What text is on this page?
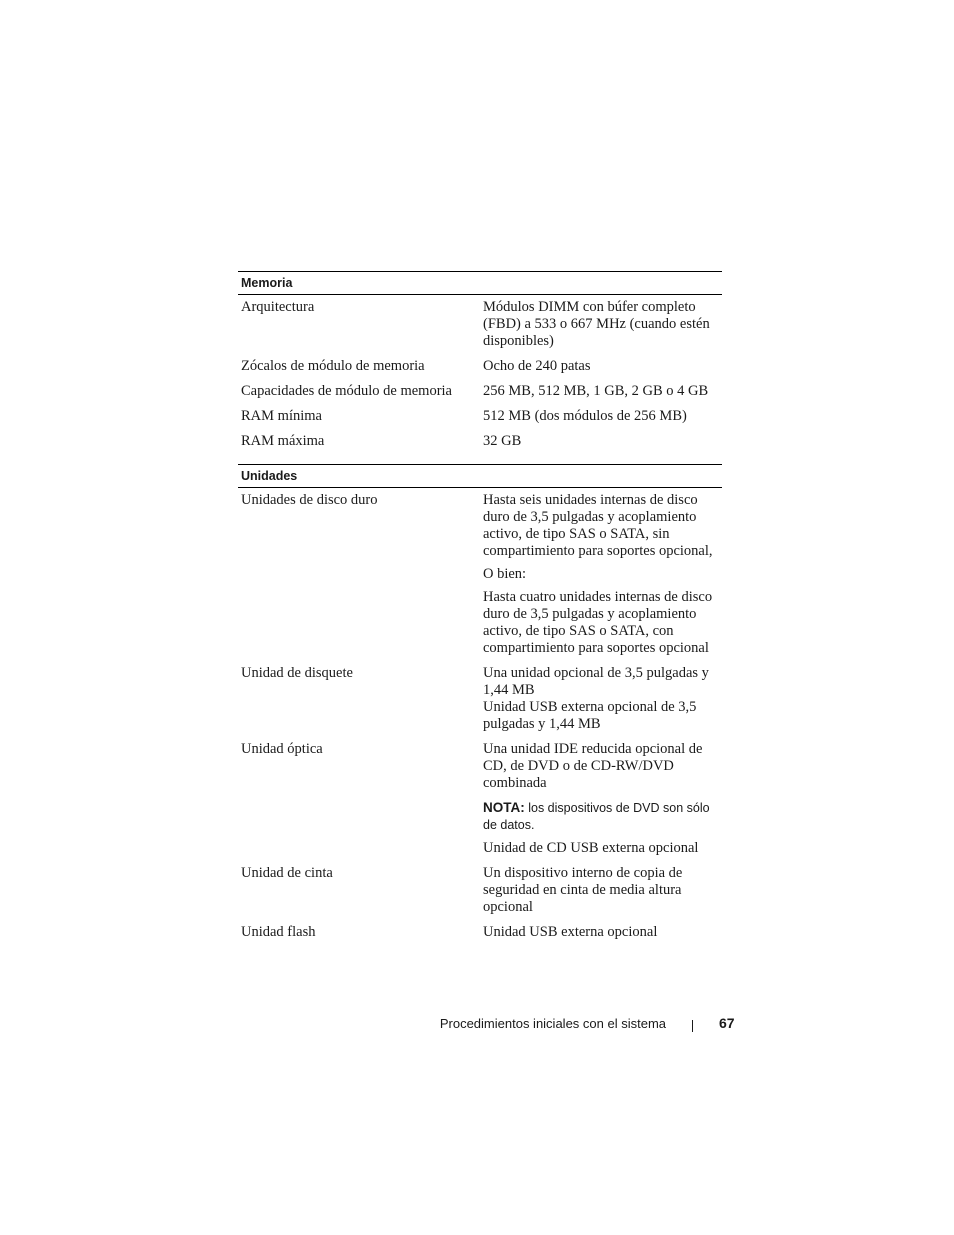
Memoria
Arquitectura	Módulos DIMM con búfer completo (FBD) a 533 o 667 MHz (cuando estén disponibles)
Zócalos de módulo de memoria	Ocho de 240 patas
Capacidades de módulo de memoria	256 MB, 512 MB, 1 GB, 2 GB o 4 GB
RAM mínima	512 MB (dos módulos de 256 MB)
RAM máxima	32 GB
Unidades
Unidades de disco duro	Hasta seis unidades internas de disco duro de 3,5 pulgadas y acoplamiento activo, de tipo SAS o SATA, sin compartimiento para soportes opcional,

O bien:

Hasta cuatro unidades internas de disco duro de 3,5 pulgadas y acoplamiento activo, de tipo SAS o SATA, con compartimiento para soportes opcional

Unidad de disquete	Una unidad opcional de 3,5 pulgadas y 1,44 MB

Unidad USB externa opcional de 3,5 pulgadas y 1,44 MB

Unidad óptica	Una unidad IDE reducida opcional de CD, de DVD o de CD-RW/DVD combinada

NOTA: los dispositivos de DVD son sólo de datos.

Unidad de CD USB externa opcional

Unidad de cinta	Un dispositivo interno de copia de seguridad en cinta de media altura opcional

Unidad flash	Unidad USB externa opcional

Procedimientos iniciales con el sistema	67
